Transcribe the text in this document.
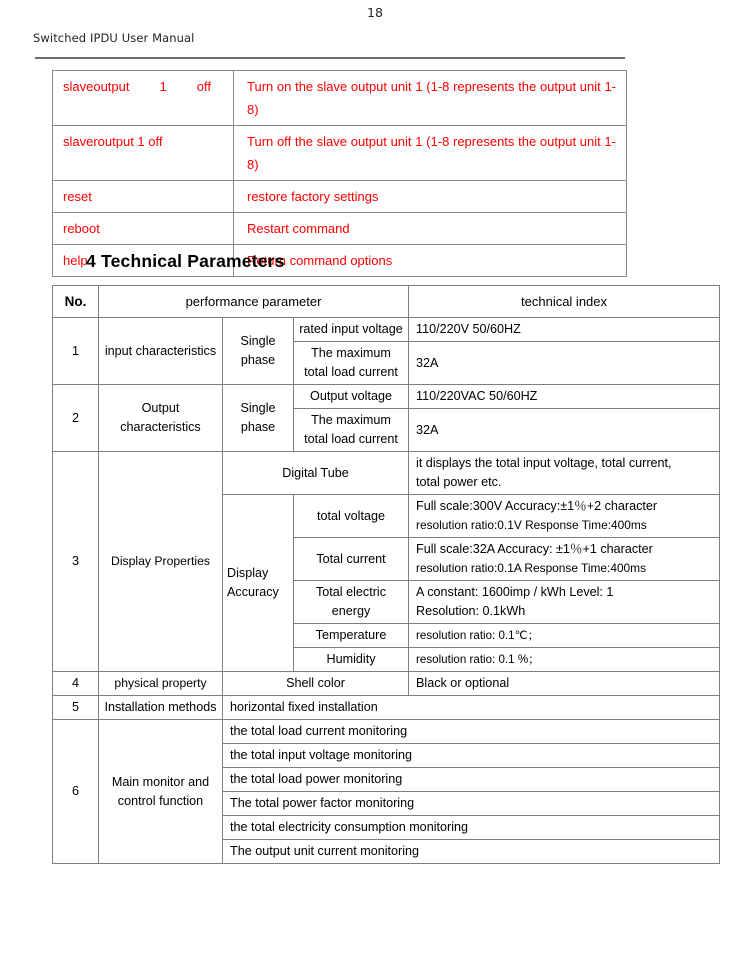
18
Switched IPDU User Manual
slaveoutput 1 off	Turn on the slave output unit 1 (1-8 represents the output unit 1-8)
slaveroutput 1 off	Turn off the slave output unit 1 (1-8 represents the output unit 1-8)
reset	restore factory settings
reboot	Restart command
help	Return command options
4 Technical Parameters
No.	performance parameter			technical index
1	input characteristics	Single phase	rated input voltage	110/220V 50/60HZ

			The maximum
total load current	32A
2	Output characteristics	Single phase	Output voltage	110/220VAC 50/60HZ

			The maximum
total load current	32A
3	Display Properties	Digital Tube		it displays the total input voltage, total current,
total power etc.

		Display Accuracy	total voltage	Full scale:300V Accuracy:±1％+2 character
resolution ratio:0.1V Response Time:400ms

			Total current	Full scale:32A Accuracy: ±1％+1 character
resolution ratio:0.1A Response Time:400ms

			Total electric
energy	A constant: 1600imp / kWh Level: 1
Resolution: 0.1kWh

			Temperature	resolution ratio: 0.1℃；
			Humidity	resolution ratio: 0.1 %；
4	physical property	Shell color		Black or optional
5	Installation methods	horizontal fixed installation		
6	Main monitor and control function	the total load current monitoring		
		the total input voltage monitoring		
		the total load power monitoring		
		The total power factor monitoring		
		the total electricity consumption monitoring		
		The output unit current monitoring		
